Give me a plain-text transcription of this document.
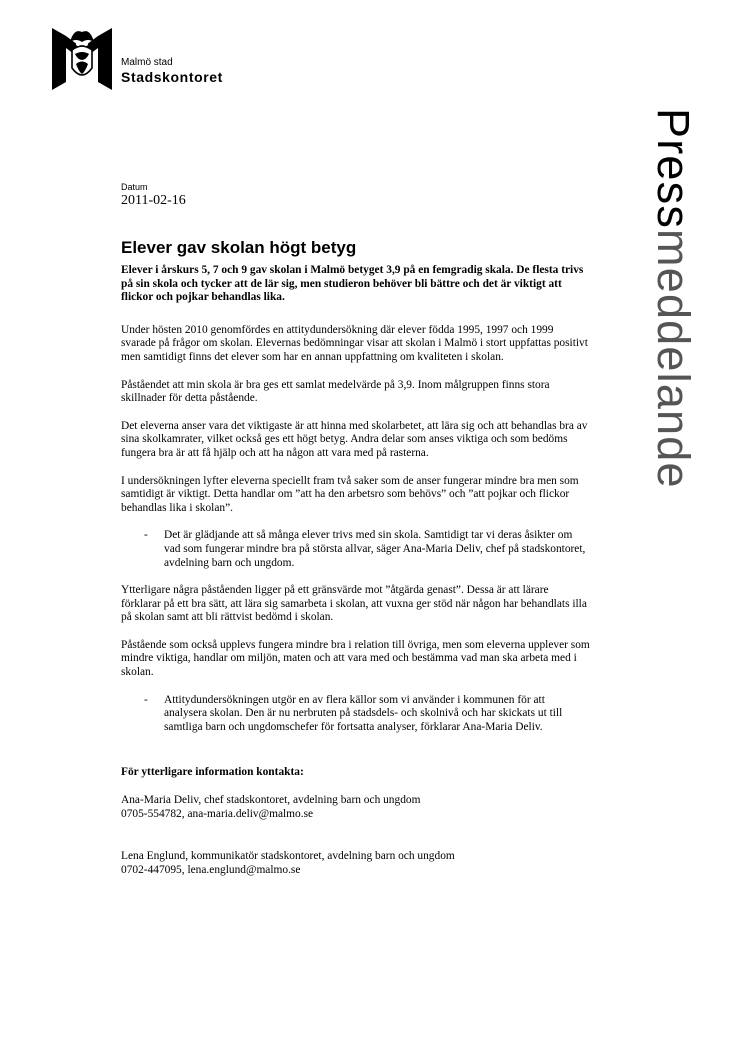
Malmö stad
Stadskontoret
Pressmeddelande
Datum
2011-02-16
Elever gav skolan högt betyg
Elever i årskurs 5, 7 och 9 gav skolan i Malmö betyget 3,9 på en femgradig skala. De flesta trivs på sin skola och tycker att de lär sig, men studieron behöver bli bättre och det är viktigt att flickor och pojkar behandlas lika.

Under hösten 2010 genomfördes en attitydundersökning där elever födda 1995, 1997 och 1999 svarade på frågor om skolan. Elevernas bedömningar visar att skolan i Malmö i stort uppfattas positivt men samtidigt finns det elever som har en annan uppfattning om kvaliteten i skolan.

Påståendet att min skola är bra ges ett samlat medelvärde på 3,9. Inom målgruppen finns stora skillnader för detta påstående.

Det eleverna anser vara det viktigaste är att hinna med skolarbetet, att lära sig och att behandlas bra av sina skolkamrater, vilket också ges ett högt betyg. Andra delar som anses viktiga och som bedöms fungera bra är att få hjälp och att ha någon att vara med på rasterna.

I undersökningen lyfter eleverna speciellt fram två saker som de anser fungerar mindre bra men som samtidigt är viktigt. Detta handlar om ”att ha den arbetsro som behövs” och ”att pojkar och flickor behandlas lika i skolan”.

-	Det är glädjande att så många elever trivs med sin skola. Samtidigt tar vi deras åsikter om vad som fungerar mindre bra på största allvar, säger Ana-Maria Deliv, chef på stadskontoret, avdelning barn och ungdom.

Ytterligare några påståenden ligger på ett gränsvärde mot ”åtgärda genast”. Dessa är att lärare förklarar på ett bra sätt, att lära sig samarbeta i skolan, att vuxna ger stöd när någon har behandlats illa på skolan samt att bli rättvist bedömd i skolan.

Påstående som också upplevs fungera mindre bra i relation till övriga, men som eleverna upplever som mindre viktiga, handlar om miljön, maten och att vara med och bestämma vad man ska arbeta med i skolan.

-	Attitydundersökningen utgör en av flera källor som vi använder i kommunen för att analysera skolan. Den är nu nerbruten på stadsdels- och skolnivå och har skickats ut till samtliga barn och ungdomschefer för fortsatta analyser, förklarar Ana-Maria Deliv.
För ytterligare information kontakta:
Ana-Maria Deliv, chef stadskontoret, avdelning barn och ungdom
0705-554782, ana-maria.deliv@malmo.se
Lena Englund, kommunikatör stadskontoret, avdelning barn och ungdom
0702-447095, lena.englund@malmo.se
